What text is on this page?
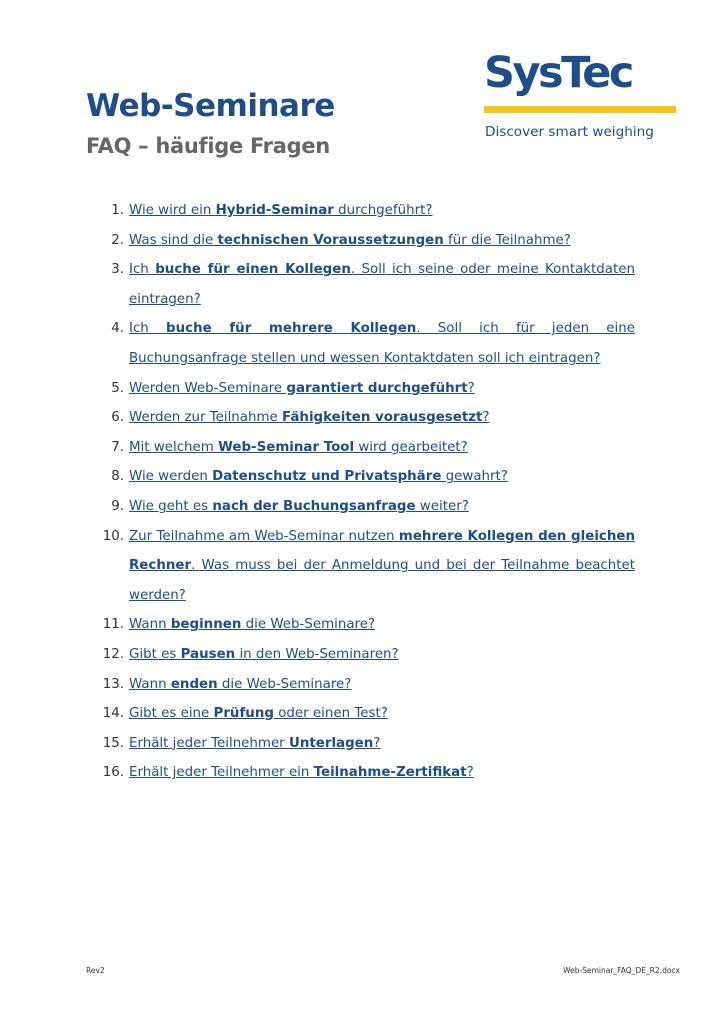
Web-Seminare
FAQ – häufige Fragen
SysTec
Discover smart weighing
1. Wie wird ein Hybrid-Seminar durchgeführt?
2. Was sind die technischen Voraussetzungen für die Teilnahme?
3. Ich buche für einen Kollegen. Soll ich seine oder meine Kontaktdaten eintragen?
4. Ich buche für mehrere Kollegen. Soll ich für jeden eine Buchungsanfrage stellen und wessen Kontaktdaten soll ich eintragen?
5. Werden Web-Seminare garantiert durchgeführt?
6. Werden zur Teilnahme Fähigkeiten vorausgesetzt?
7. Mit welchem Web-Seminar Tool wird gearbeitet?
8. Wie werden Datenschutz und Privatsphäre gewahrt?
9. Wie geht es nach der Buchungsanfrage weiter?
10. Zur Teilnahme am Web-Seminar nutzen mehrere Kollegen den gleichen Rechner. Was muss bei der Anmeldung und bei der Teilnahme beachtet werden?
11. Wann beginnen die Web-Seminare?
12. Gibt es Pausen in den Web-Seminaren?
13. Wann enden die Web-Seminare?
14. Gibt es eine Prüfung oder einen Test?
15. Erhält jeder Teilnehmer Unterlagen?
16. Erhält jeder Teilnehmer ein Teilnahme-Zertifikat?
Rev2	Web-Seminar_FAQ_DE_R2.docx
